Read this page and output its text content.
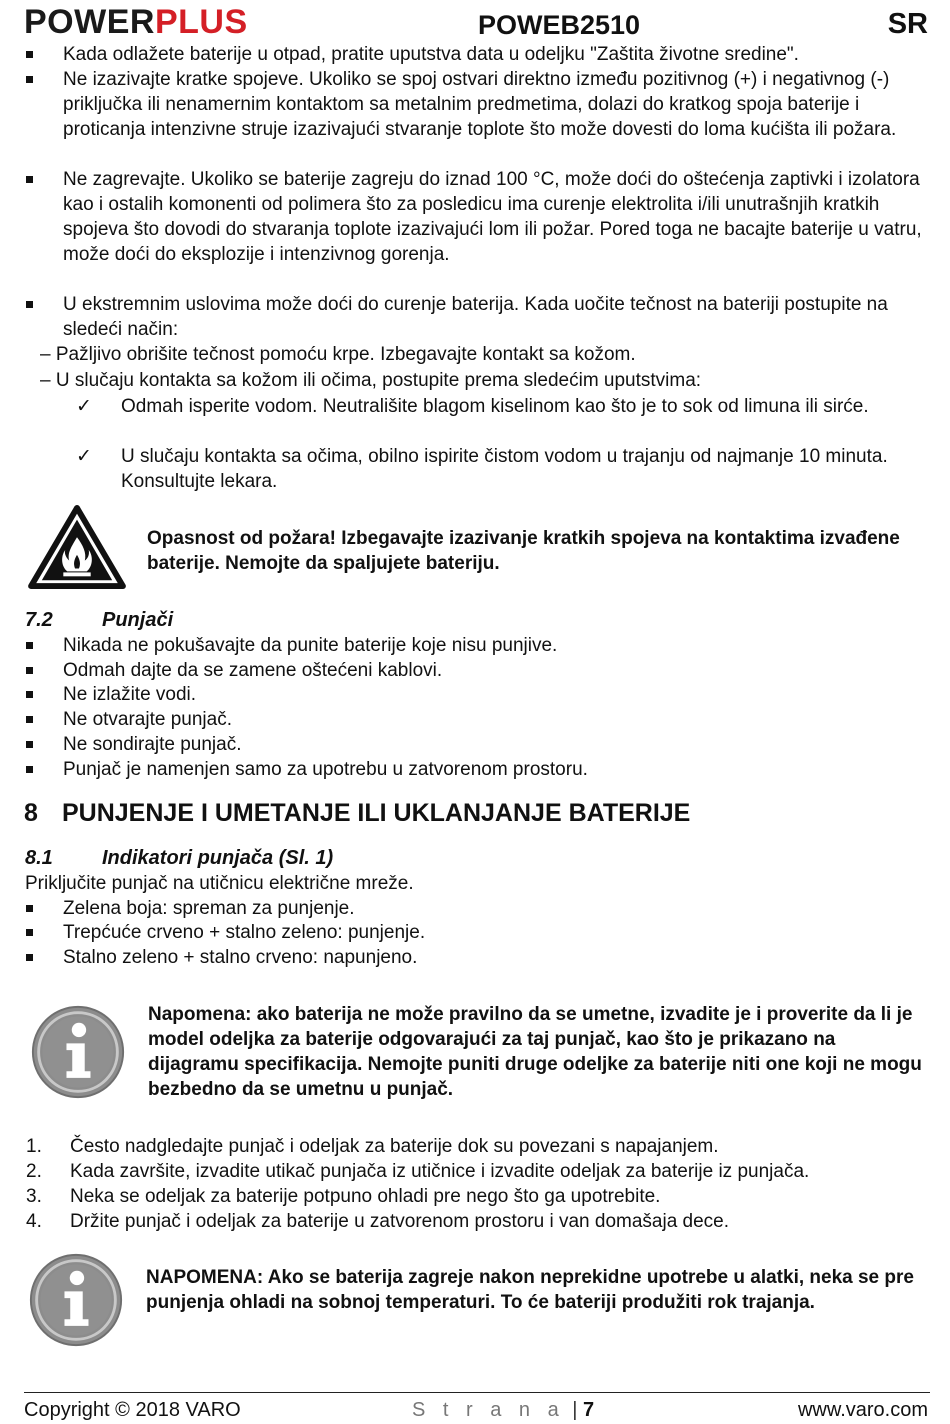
POWERPLUS	POWEB2510	SR
Kada odlažete baterije u otpad, pratite uputstva data u odeljku "Zaštita životne sredine".
Ne izazivajte kratke spojeve. Ukoliko se spoj ostvari direktno između pozitivnog (+) i negativnog (-) priključka ili nenamernim kontaktom sa metalnim predmetima, dolazi do kratkog spoja baterije i proticanja intenzivne struje izazivajući stvaranje toplote što može dovesti do loma kućišta ili požara.
Ne zagrevajte. Ukoliko se baterije zagreju do iznad 100 °C, može doći do oštećenja zaptivki i izolatora kao i ostalih komonenti od polimera što za posledicu ima curenje elektrolita i/ili unutrašnjih kratkih spojeva što dovodi do stvaranja toplote izazivajući lom ili požar. Pored toga ne bacajte baterije u vatru, može doći do eksplozije i intenzivnog gorenja.
U ekstremnim uslovima može doći do curenje baterija. Kada uočite tečnost na bateriji postupite na sledeći način:
– Pažljivo obrišite tečnost pomoću krpe. Izbegavajte kontakt sa kožom.
– U slučaju kontakta sa kožom ili očima, postupite prema sledećim uputstvima:
✓ Odmah isperite vodom. Neutrališite blagom kiselinom kao što je to sok od limuna ili sirće.
✓ U slučaju kontakta sa očima, obilno ispirite čistom vodom u trajanju od najmanje 10 minuta. Konsultujte lekara.
Opasnost od požara! Izbegavajte izazivanje kratkih spojeva na kontaktima izvađene baterije. Nemojte da spaljujete bateriju.
7.2 Punjači
Nikada ne pokušavajte da punite baterije koje nisu punjive.
Odmah dajte da se zamene oštećeni kablovi.
Ne izlažite vodi.
Ne otvarajte punjač.
Ne sondirajte punjač.
Punjač je namenjen samo za upotrebu u zatvorenom prostoru.
8 PUNJENJE I UMETANJE ILI UKLANJANJE BATERIJE
8.1 Indikatori punjača (Sl. 1)
Priključite punjač na utičnicu električne mreže.
Zelena boja: spreman za punjenje.
Trepćuće crveno + stalno zeleno: punjenje.
Stalno zeleno + stalno crveno: napunjeno.
Napomena: ako baterija ne može pravilno da se umetne, izvadite je i proverite da li je model odeljka za baterije odgovarajući za taj punjač, kao što je prikazano na dijagramu specifikacija. Nemojte puniti druge odeljke za baterije niti one koji ne mogu bezbedno da se umetnu u punjač.
1. Često nadgledajte punjač i odeljak za baterije dok su povezani s napajanjem.
2. Kada završite, izvadite utikač punjača iz utičnice i izvadite odeljak za baterije iz punjača.
3. Neka se odeljak za baterije potpuno ohladi pre nego što ga upotrebite.
4. Držite punjač i odeljak za baterije u zatvorenom prostoru i van domašaja dece.
NAPOMENA: Ako se baterija zagreje nakon neprekidne upotrebe u alatki, neka se pre punjenja ohladi na sobnoj temperaturi. To će bateriji produžiti rok trajanja.
Copyright © 2018 VARO	S t r a n a | 7	www.varo.com
